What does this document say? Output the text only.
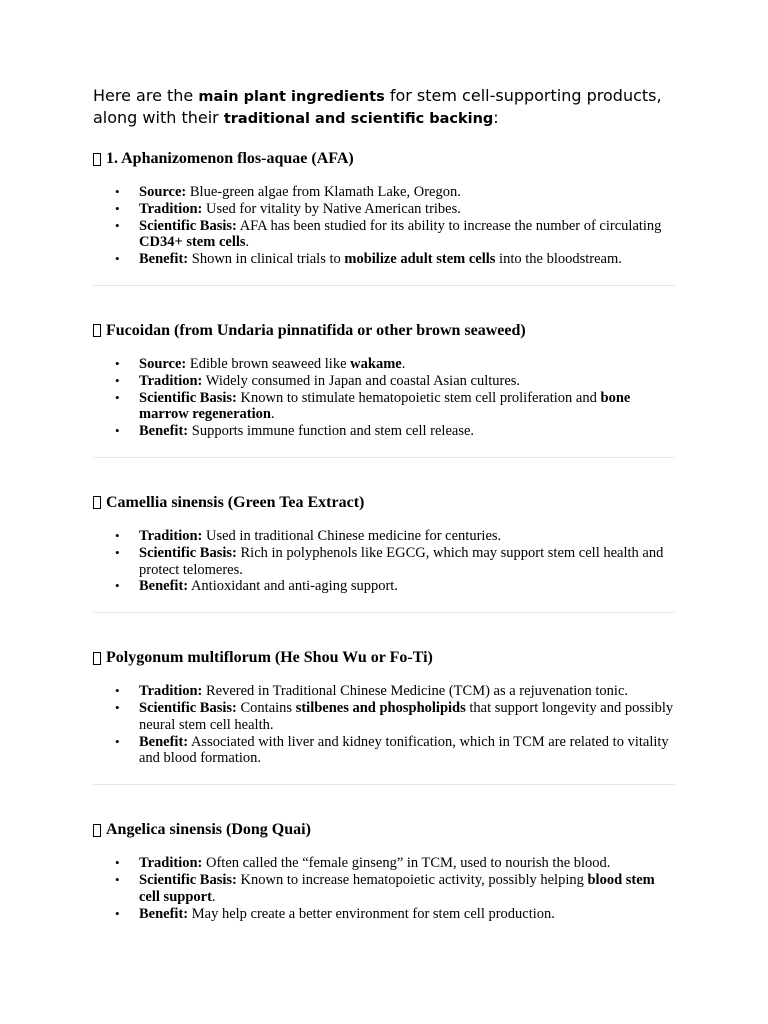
Here are the main plant ingredients for stem cell-supporting products, along with their traditional and scientific backing:

1. Aphanizomenon flos-aquae (AFA)
• Source: Blue-green algae from Klamath Lake, Oregon.
• Tradition: Used for vitality by Native American tribes.
• Scientific Basis: AFA has been studied for its ability to increase the number of circulating CD34+ stem cells.
• Benefit: Shown in clinical trials to mobilize adult stem cells into the bloodstream.
Fucoidan (from Undaria pinnatifida or other brown seaweed)
• Source: Edible brown seaweed like wakame.
• Tradition: Widely consumed in Japan and coastal Asian cultures.
• Scientific Basis: Known to stimulate hematopoietic stem cell proliferation and bone marrow regeneration.
• Benefit: Supports immune function and stem cell release.
Camellia sinensis (Green Tea Extract)
• Tradition: Used in traditional Chinese medicine for centuries.
• Scientific Basis: Rich in polyphenols like EGCG, which may support stem cell health and protect telomeres.
• Benefit: Antioxidant and anti-aging support.
Polygonum multiflorum (He Shou Wu or Fo-Ti)
• Tradition: Revered in Traditional Chinese Medicine (TCM) as a rejuvenation tonic.
• Scientific Basis: Contains stilbenes and phospholipids that support longevity and possibly neural stem cell health.
• Benefit: Associated with liver and kidney tonification, which in TCM are related to vitality and blood formation.
Angelica sinensis (Dong Quai)
• Tradition: Often called the “female ginseng” in TCM, used to nourish the blood.
• Scientific Basis: Known to increase hematopoietic activity, possibly helping blood stem cell support.
• Benefit: May help create a better environment for stem cell production.
